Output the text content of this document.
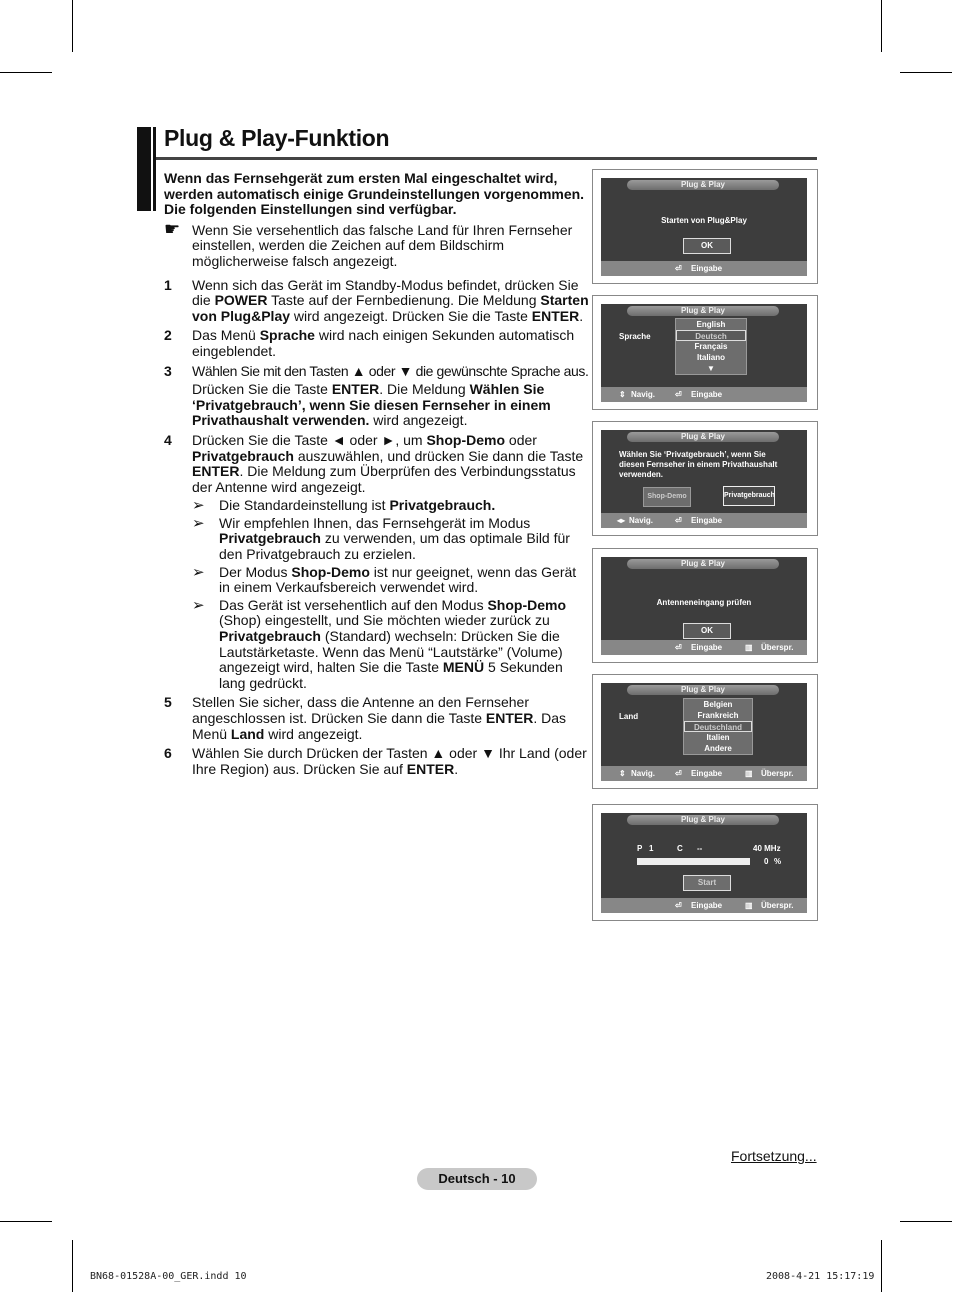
Plug & Play-Funktion

Wenn das Fernsehgerät zum ersten Mal eingeschaltet wird, werden automatisch einige Grundeinstellungen vorgenommen. Die folgenden Einstellungen sind verfügbar.

☛ Wenn Sie versehentlich das falsche Land für Ihren Fernseher einstellen, werden die Zeichen auf dem Bildschirm möglicherweise falsch angezeigt.

1 Wenn sich das Gerät im Standby-Modus befindet, drücken Sie die POWER Taste auf der Fernbedienung. Die Meldung Starten von Plug&Play wird angezeigt. Drücken Sie die Taste ENTER.

2 Das Menü Sprache wird nach einigen Sekunden automatisch eingeblendet.

3 Wählen Sie mit den Tasten ▲ oder ▼ die gewünschte Sprache aus.

Drücken Sie die Taste ENTER. Die Meldung Wählen Sie ‘Privatgebrauch’, wenn Sie diesen Fernseher in einem Privathaushalt verwenden. wird angezeigt.

4 Drücken Sie die Taste ◄ oder ►, um Shop-Demo oder Privatgebrauch auszuwählen, und drücken Sie dann die Taste ENTER. Die Meldung zum Überprüfen des Verbindungsstatus der Antenne wird angezeigt.

➢ Die Standardeinstellung ist Privatgebrauch.
➢ Wir empfehlen Ihnen, das Fernsehgerät im Modus Privatgebrauch zu verwenden, um das optimale Bild für den Privatgebrauch zu erzielen.
➢ Der Modus Shop-Demo ist nur geeignet, wenn das Gerät in einem Verkaufsbereich verwendet wird.
➢ Das Gerät ist versehentlich auf den Modus Shop-Demo (Shop) eingestellt, und Sie möchten wieder zurück zu Privatgebrauch (Standard) wechseln: Drücken Sie die Lautstärketaste. Wenn das Menü “Lautstärke” (Volume) angezeigt wird, halten Sie die Taste MENÜ 5 Sekunden lang gedrückt.
5 Stellen Sie sicher, dass die Antenne an den Fernseher angeschlossen ist. Drücken Sie dann die Taste ENTER. Das Menü Land wird angezeigt.

6 Wählen Sie durch Drücken der Tasten ▲ oder ▼ Ihr Land (oder Ihre Region) aus. Drücken Sie auf ENTER.

Plug & Play
Starten von Plug&Play
OK
⏎ Eingabe
Plug & Play
Sprache
English
Deutsch
Français
Italiano
▼
⇕ Navig. ⏎ Eingabe
Plug & Play
Wählen Sie ‘Privatgebrauch’, wenn Sie diesen Fernseher in einem Privathaushalt verwenden.
Shop-Demo	Privatgebrauch
◂▸ Navig.	⏎ Eingabe
Plug & Play
Antenneneingang prüfen
OK
⏎ Eingabe	▥ Überspr.
Plug & Play
Land
Belgien
Frankreich
Deutschland
Italien
Andere
⇕ Navig. ⏎ Eingabe	▥ Überspr.
Plug & Play
P 1	C --	40 MHz
0 %
Start
⏎ Eingabe	▥ Überspr.
Fortsetzung...
Deutsch - 10
BN68-01528A-00_GER.indd 10	2008-4-21 15:17:19
